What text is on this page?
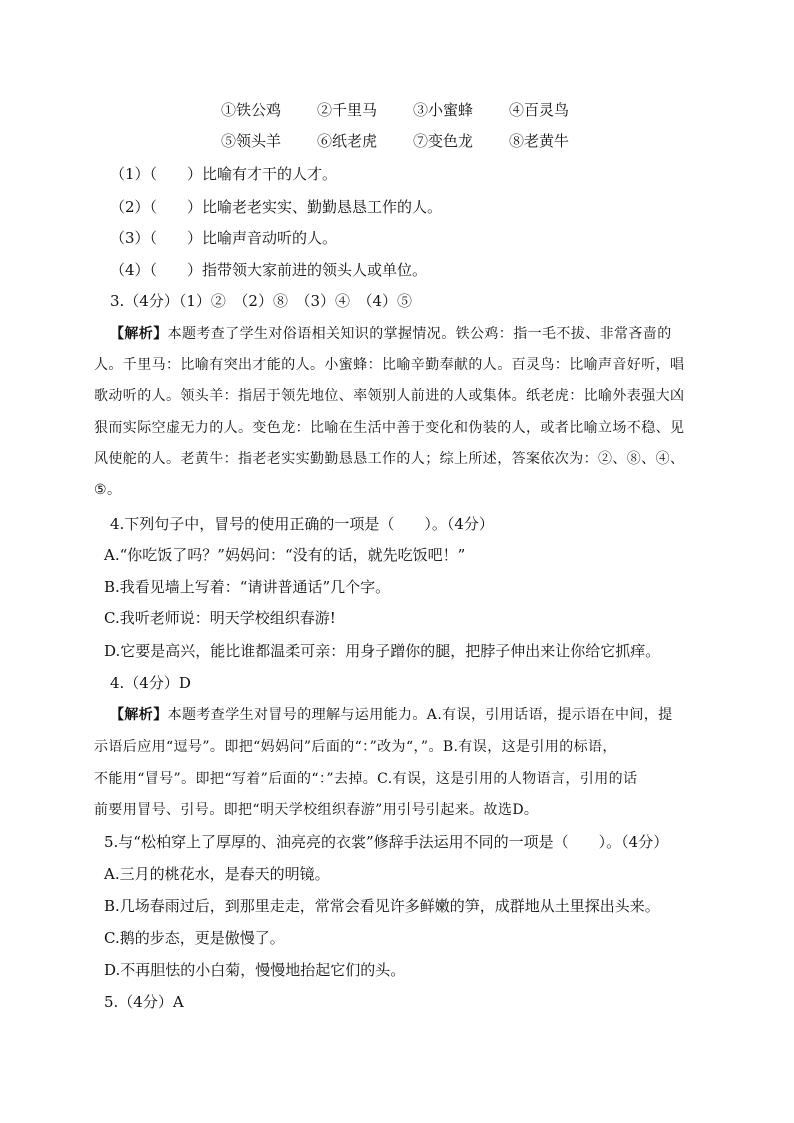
①铁公鸡	②千里马	③小蜜蜂	④百灵鸟
⑤领头羊	⑥纸老虎	⑦变色龙	⑧老黄牛
（1）（　　）比喻有才干的人才。
（2）（　　）比喻老老实实、勤勤恳恳工作的人。
（3）（　　）比喻声音动听的人。
（4）（　　）指带领大家前进的领头人或单位。
3.（4分）（1）②　（2）⑧　（3）④　（4）⑤
【解析】本题考查了学生对俗语相关知识的掌握情况。铁公鸡：指一毛不拔、非常吝啬的
人。千里马：比喻有突出才能的人。小蜜蜂：比喻辛勤奉献的人。百灵鸟：比喻声音好听，唱
歌动听的人。领头羊：指居于领先地位、率领别人前进的人或集体。纸老虎：比喻外表强大凶
狠而实际空虚无力的人。变色龙：比喻在生活中善于变化和伪装的人，或者比喻立场不稳、见
风使舵的人。老黄牛：指老老实实勤勤恳恳工作的人；综上所述，答案依次为：②、⑧、④、
⑤。
4.下列句子中，冒号的使用正确的一项是（　　）。（4分）
A.“你吃饭了吗？”妈妈问：“没有的话，就先吃饭吧！”
B.我看见墙上写着：“请讲普通话”几个字。
C.我听老师说：明天学校组织春游!
D.它要是高兴，能比谁都温柔可亲：用身子蹭你的腿，把脖子伸出来让你给它抓痒。
4.（4分）D
【解析】本题考查学生对冒号的理解与运用能力。A.有误，引用话语，提示语在中间，提
示语后应用“逗号”。即把“妈妈问”后面的“：”改为“，”。B.有误，这是引用的标语，
不能用“冒号”。即把“写着”后面的“：”去掉。C.有误，这是引用的人物语言，引用的话
前要用冒号、引号。即把“明天学校组织春游”用引号引起来。故选D。
5.与“松柏穿上了厚厚的、油亮亮的衣裳”修辞手法运用不同的一项是（　　）。（4分）
A.三月的桃花水，是春天的明镜。
B.几场春雨过后，到那里走走，常常会看见许多鲜嫩的笋，成群地从土里探出头来。
C.鹅的步态，更是傲慢了。
D.不再胆怯的小白菊，慢慢地抬起它们的头。
5.（4分）A
